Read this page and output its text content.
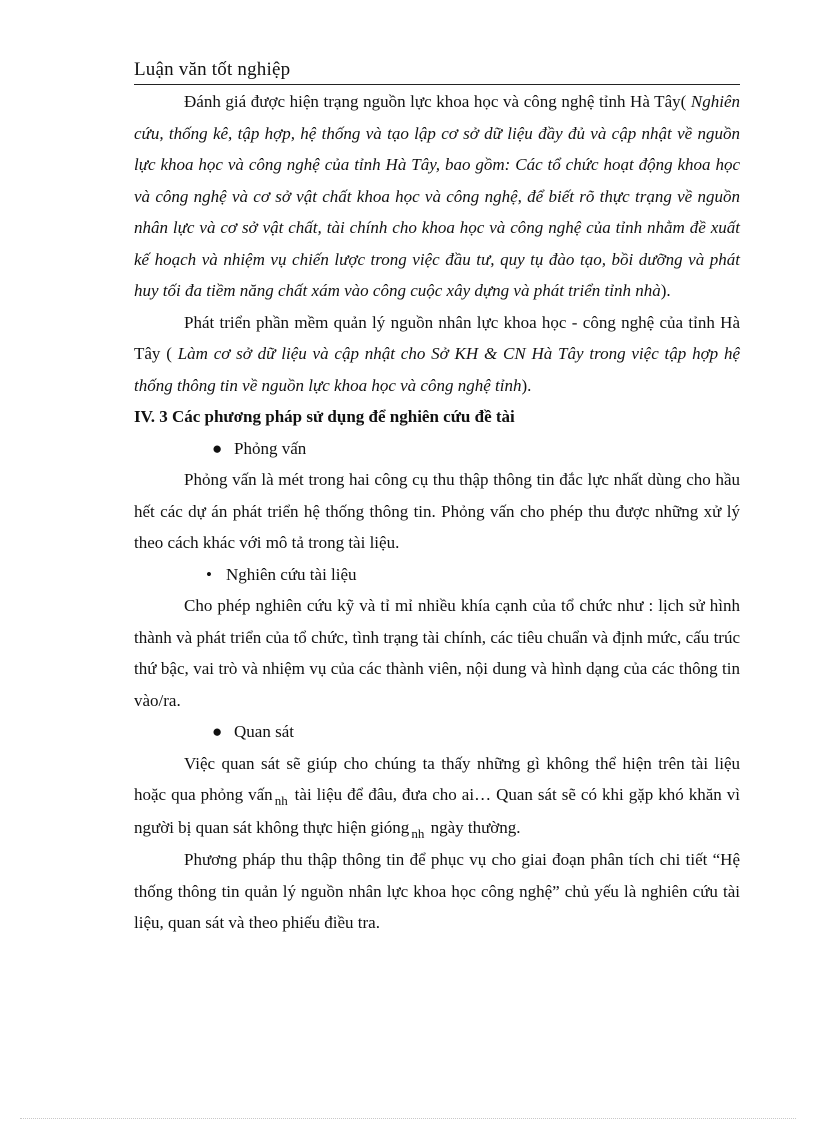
Luận văn tốt nghiệp

Đánh giá được hiện trạng nguồn lực khoa học và công nghệ tỉnh Hà Tây( Nghiên cứu, thống kê, tập hợp, hệ thống và tạo lập cơ sở dữ liệu đầy đủ và cập nhật về nguồn lực khoa học và công nghệ của tỉnh Hà Tây, bao gồm: Các tổ chức hoạt động khoa học và công nghệ và cơ sở vật chất khoa học và công nghệ, để biết rõ thực trạng về nguồn nhân lực và cơ sở vật chất, tài chính cho khoa học và công nghệ của tỉnh nhằm đề xuất kế hoạch và nhiệm vụ chiến lược trong việc đầu tư, quy tụ đào tạo, bồi dưỡng và phát huy tối đa tiềm năng chất xám vào công cuộc xây dựng và phát triển tỉnh nhà).

Phát triển phần mềm quản lý nguồn nhân lực khoa học - công nghệ của tỉnh Hà Tây ( Làm cơ sở dữ liệu và cập nhật cho Sở KH & CN Hà Tây trong việc tập hợp hệ thống thông tin về nguồn lực khoa học và công nghệ tỉnh).

IV. 3 Các phương pháp sử dụng để nghiên cứu đề tài

● Phỏng vấn

Phỏng vấn là mét trong hai công cụ thu thập thông tin đắc lực nhất dùng cho hầu hết các dự án phát triển hệ thống thông tin. Phỏng vấn cho phép thu được những xử lý theo cách khác với mô tả trong tài liệu.

• Nghiên cứu tài liệu

Cho phép nghiên cứu kỹ và tỉ mỉ nhiều khía cạnh của tổ chức như : lịch sử hình thành và phát triển của tổ chức, tình trạng tài chính, các tiêu chuẩn và định mức, cấu trúc thứ bậc, vai trò và nhiệm vụ của các thành viên, nội dung và hình dạng của các thông tin vào/ra.

● Quan sát

Việc quan sát sẽ giúp cho chúng ta thấy những gì không thể hiện trên tài liệu hoặc qua phỏng vấn $_{nh}$ tài liệu để đâu, đưa cho ai… Quan sát sẽ có khi gặp khó khăn vì người bị quan sát không thực hiện gióng $_{nh}$ ngày thường.

Phương pháp thu thập thông tin để phục vụ cho giai đoạn phân tích chi tiết “Hệ thống thông tin quản lý nguồn nhân lực khoa học công nghệ” chủ yếu là nghiên cứu tài liệu, quan sát và theo phiếu điều tra.
